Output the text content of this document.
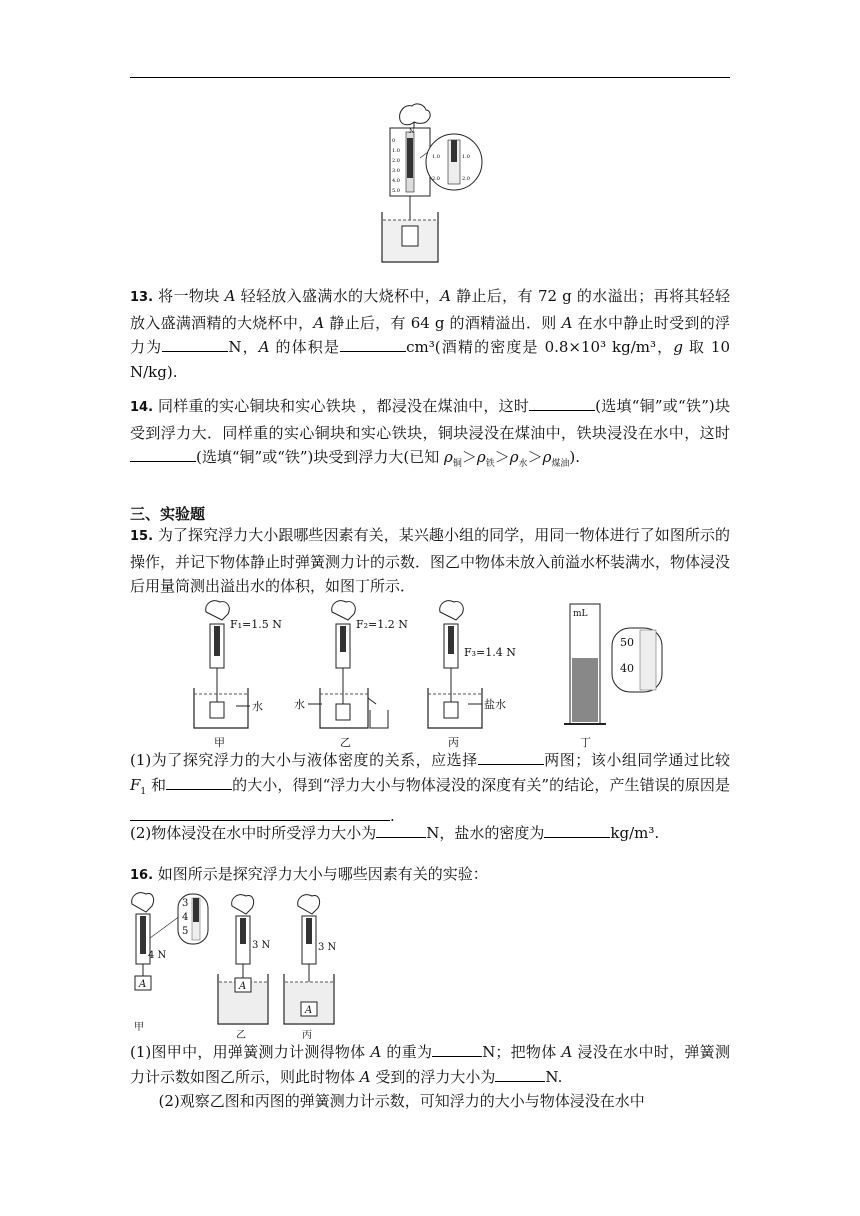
N
0
1.0
2.0
3.0
4.0
5.0
1.0
2.0
1.0
2.0
13. 将一物块 A 轻轻放入盛满水的大烧杯中，A 静止后，有 72 g 的水溢出；再将其轻轻放入盛满酒精的大烧杯中，A 静止后，有 64 g 的酒精溢出．则 A 在水中静止时受到的浮力为	N，A 的体积是	cm³(酒精的密度是 0.8×10³ kg/m³，g 取 10 N/kg).
14. 同样重的实心铜块和实心铁块 ，都浸没在煤油中，这时	(选填“铜”或“铁”)块受到浮力大．同样重的实心铜块和实心铁块，铜块浸没在煤油中，铁块浸没在水中，这时(选填“铜”或“铁”)块受到浮力大(已知 $\rho_铜>\rho_铁>\rho_水>\rho_{煤油}$).
三、实验题
15. 为了探究浮力大小跟哪些因素有关，某兴趣小组的同学，用同一物体进行了如图所示的操作，并记下物体静止时弹簧测力计的示数．图乙中物体未放入前溢水杯装满水，物体浸没后用量筒测出溢出水的体积，如图丁所示．
水
F₁=1.5 N
甲
水
F₂=1.2 N
乙
盐水
F₃=1.4 N
丙
mL
50
40
丁
(1)为了探究浮力的大小与液体密度的关系，应选择	两图；该小组同学通过比较 $F_1$ 和	的大小，得到“浮力大小与物体浸没的深度有关”的结论，产生错误的原因是.
(2)物体浸没在水中时所受浮力大小为	N，盐水的密度为	kg/m³.
16. 如图所示是探究浮力大小与哪些因素有关的实验：
3
4
5
4 N
A
甲
3 N
A
乙
3 N
A
丙
(1)图甲中，用弹簧测力计测得物体 A 的重为	N；把物体 A 浸没在水中时，弹簧测力计示数如图乙所示，则此时物体 A 受到的浮力大小为	N.
(2)观察乙图和丙图的弹簧测力计示数，可知浮力的大小与物体浸没在水中
